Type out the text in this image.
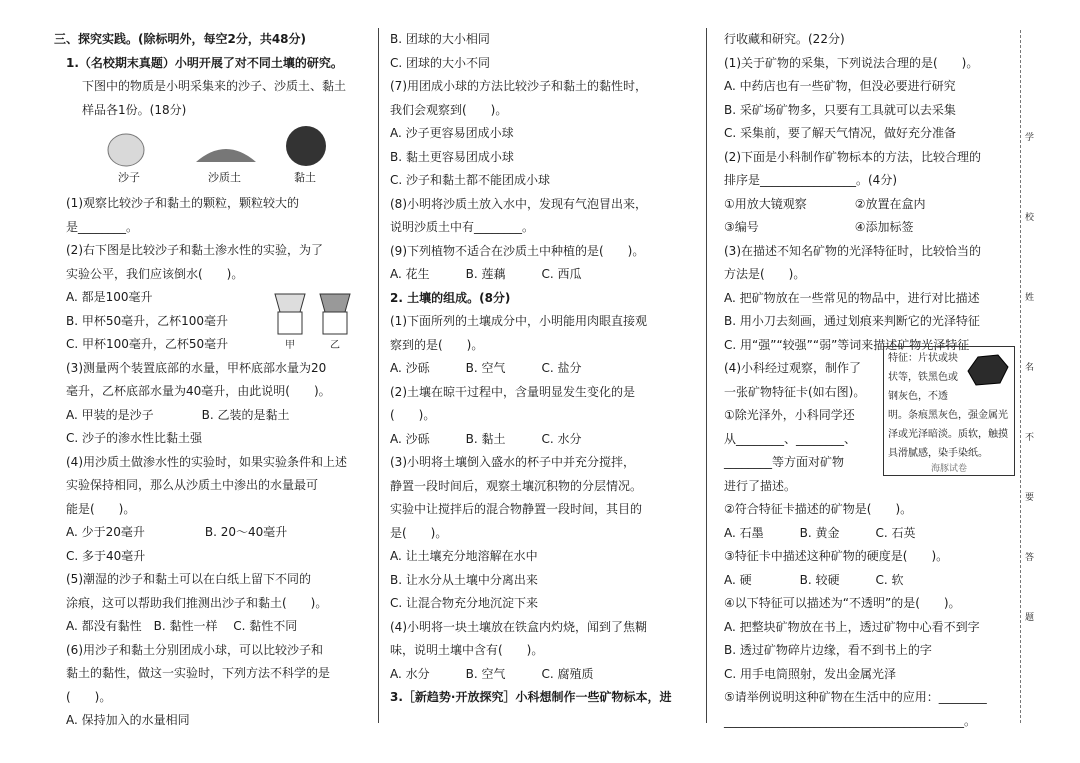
三、探究实践。(除标明外，每空2分，共48分)

1.（名校期末真题）小明开展了对不同土壤的研究。

下图中的物质是小明采集来的沙子、沙质土、黏土

样品各1份。(18分)

沙子	沙质土	黏土

(1)观察比较沙子和黏土的颗粒，颗粒较大的

是________。

(2)右下图是比较沙子和黏土渗水性的实验，为了

实验公平，我们应该倒水(　　)。

A. 都是100毫升

B. 甲杯50毫升，乙杯100毫升

C. 甲杯100毫升，乙杯50毫升

(3)测量两个装置底部的水量，甲杯底部水量为20

毫升，乙杯底部水量为40毫升，由此说明(　　)。

A. 甲装的是沙子　　　　B. 乙装的是黏土

C. 沙子的渗水性比黏土强

(4)用沙质土做渗水性的实验时，如果实验条件和上述

实验保持相同，那么从沙质土中渗出的水量最可

能是(　　)。

A. 少于20毫升　　　　　B. 20～40毫升

C. 多于40毫升

(5)潮湿的沙子和黏土可以在白纸上留下不同的

涂痕，这可以帮助我们推测出沙子和黏土(　　)。

A. 都没有黏性　B. 黏性一样　 C. 黏性不同

(6)用沙子和黏土分别团成小球，可以比较沙子和

黏土的黏性，做这一实验时，下列方法不科学的是

(　　)。

A. 保持加入的水量相同

甲	乙

B. 团球的大小相同

C. 团球的大小不同

(7)用团成小球的方法比较沙子和黏土的黏性时，

我们会观察到(　　)。

A. 沙子更容易团成小球

B. 黏土更容易团成小球

C. 沙子和黏土都不能团成小球

(8)小明将沙质土放入水中，发现有气泡冒出来，

说明沙质土中有________。

(9)下列植物不适合在沙质土中种植的是(　　)。

A. 花生　　　B. 莲藕　　　C. 西瓜

2. 土壤的组成。(8分)

(1)下面所列的土壤成分中，小明能用肉眼直接观

察到的是(　　)。

A. 沙砾　　　B. 空气　　　C. 盐分

(2)土壤在晾干过程中，含量明显发生变化的是

(　　)。

A. 沙砾　　　B. 黏土　　　C. 水分

(3)小明将土壤倒入盛水的杯子中并充分搅拌，

静置一段时间后，观察土壤沉积物的分层情况。

实验中让搅拌后的混合物静置一段时间，其目的

是(　　)。

A. 让土壤充分地溶解在水中

B. 让水分从土壤中分离出来

C. 让混合物充分地沉淀下来

(4)小明将一块土壤放在铁盒内灼烧，闻到了焦糊

味，说明土壤中含有(　　)。

A. 水分　　　B. 空气　　　C. 腐殖质

3.［新趋势·开放探究］小科想制作一些矿物标本，进

行收藏和研究。(22分)

(1)关于矿物的采集，下列说法合理的是(　　)。

A. 中药店也有一些矿物，但没必要进行研究

B. 采矿场矿物多，只要有工具就可以去采集

C. 采集前，要了解天气情况，做好充分准备

(2)下面是小科制作矿物标本的方法，比较合理的

排序是________________。(4分)

①用放大镜观察　　　　②放置在盒内

③编号　　　　　　　　④添加标签

(3)在描述不知名矿物的光泽特征时，比较恰当的

方法是(　　)。

A. 把矿物放在一些常见的物品中，进行对比描述

B. 用小刀去刻画，通过划痕来判断它的光泽特征

C. 用“强”“较强”“弱”等词来描述矿物光泽特征

(4)小科经过观察，制作了

一张矿物特征卡(如右图)。

①除光泽外，小科同学还

从________、________、

________等方面对矿物

进行了描述。

②符合特征卡描述的矿物是(　　)。

A. 石墨　　　B. 黄金　　　C. 石英

③特征卡中描述这种矿物的硬度是(　　)。

A. 硬　　　　B. 较硬　　　C. 软

④以下特征可以描述为“不透明”的是(　　)。

A. 把整块矿物放在书上，透过矿物中心看不到字

B. 透过矿物碎片边缘，看不到书上的字

C. 用手电筒照射，发出金属光泽

⑤请举例说明这种矿物在生活中的应用：________

________________________________________。

特征：片状或块状等，铁黑色或钢灰色，不透明。条痕黑灰色，强金属光泽或光泽暗淡。质软，触摸具滑腻感，染手染纸。
海豚试卷
学
校
姓
名
不
要
答
题
